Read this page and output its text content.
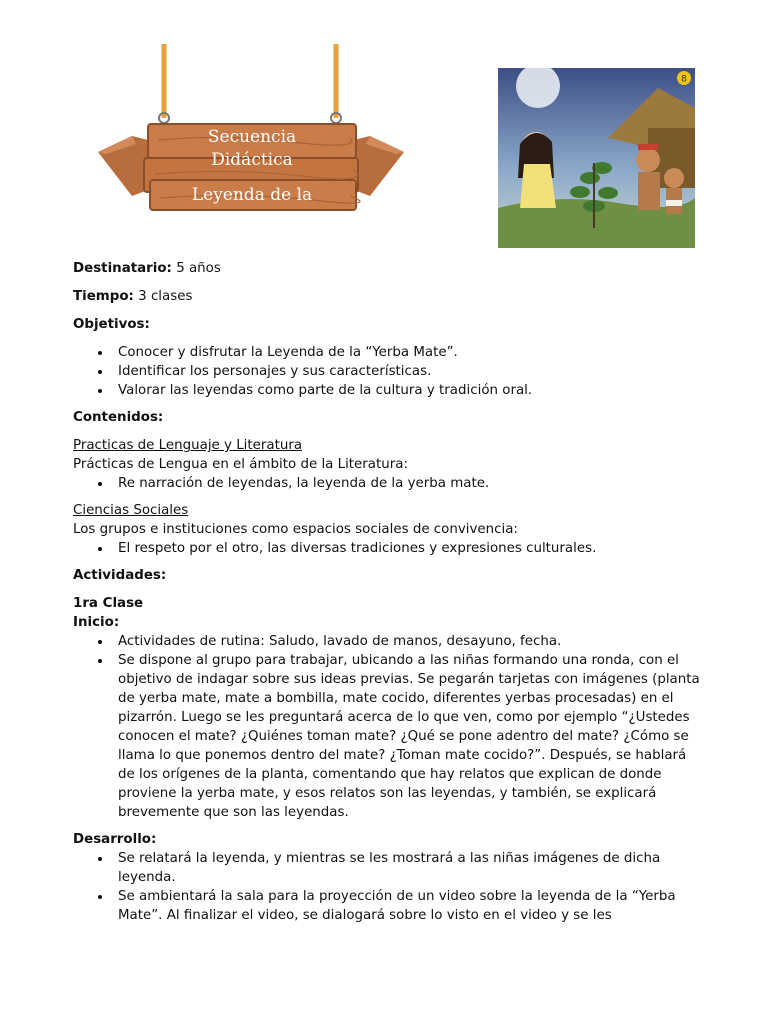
Secuencia
Didáctica
Leyenda de la
8

Destinatario: 5 años

Tiempo: 3 clases

Objetivos:

Conocer y disfrutar la Leyenda de la “Yerba Mate”.
Identificar los personajes y sus características.
Valorar las leyendas como parte de la cultura y tradición oral.

Contenidos:

Practicas de Lenguaje y Literatura

Prácticas de Lengua en el ámbito de la Literatura:

Re narración de leyendas, la leyenda de la yerba mate.

Ciencias Sociales

Los grupos e instituciones como espacios sociales de convivencia:

El respeto por el otro, las diversas tradiciones y expresiones culturales.

Actividades:

1ra Clase

Inicio:

Actividades de rutina: Saludo, lavado de manos, desayuno, fecha.
Se dispone al grupo para trabajar, ubicando a las niñas formando una ronda, con el objetivo de indagar sobre sus ideas previas. Se pegarán tarjetas con imágenes (planta de yerba mate, mate a bombilla, mate cocido, diferentes yerbas procesadas) en el pizarrón. Luego se les preguntará acerca de lo que ven, como por ejemplo “¿Ustedes conocen el mate? ¿Quiénes toman mate? ¿Qué se pone adentro del mate? ¿Cómo se llama lo que ponemos dentro del mate? ¿Toman mate cocido?”. Después, se hablará de los orígenes de la planta, comentando que hay relatos que explican de donde proviene la yerba mate, y esos relatos son las leyendas, y también, se explicará brevemente que son las leyendas.

Desarrollo:

Se relatará la leyenda, y mientras se les mostrará a las niñas imágenes de dicha leyenda.
Se ambientará la sala para la proyección de un video sobre la leyenda de la “Yerba Mate”. Al finalizar el video, se dialogará sobre lo visto en el video y se les
